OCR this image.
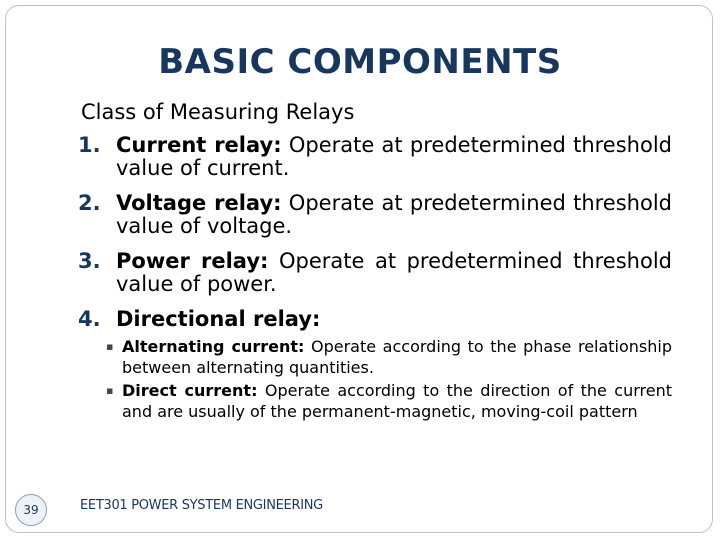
BASIC COMPONENTS
Class of Measuring Relays
1. Current relay: Operate at predetermined threshold value of current.
2. Voltage relay: Operate at predetermined threshold value of voltage.
3. Power relay: Operate at predetermined threshold value of power.
4. Directional relay:
▪ Alternating current: Operate according to the phase relationship between alternating quantities.
▪ Direct current: Operate according to the direction of the current and are usually of the permanent-magnetic, moving-coil pattern
39	EET301 POWER SYSTEM ENGINEERING
